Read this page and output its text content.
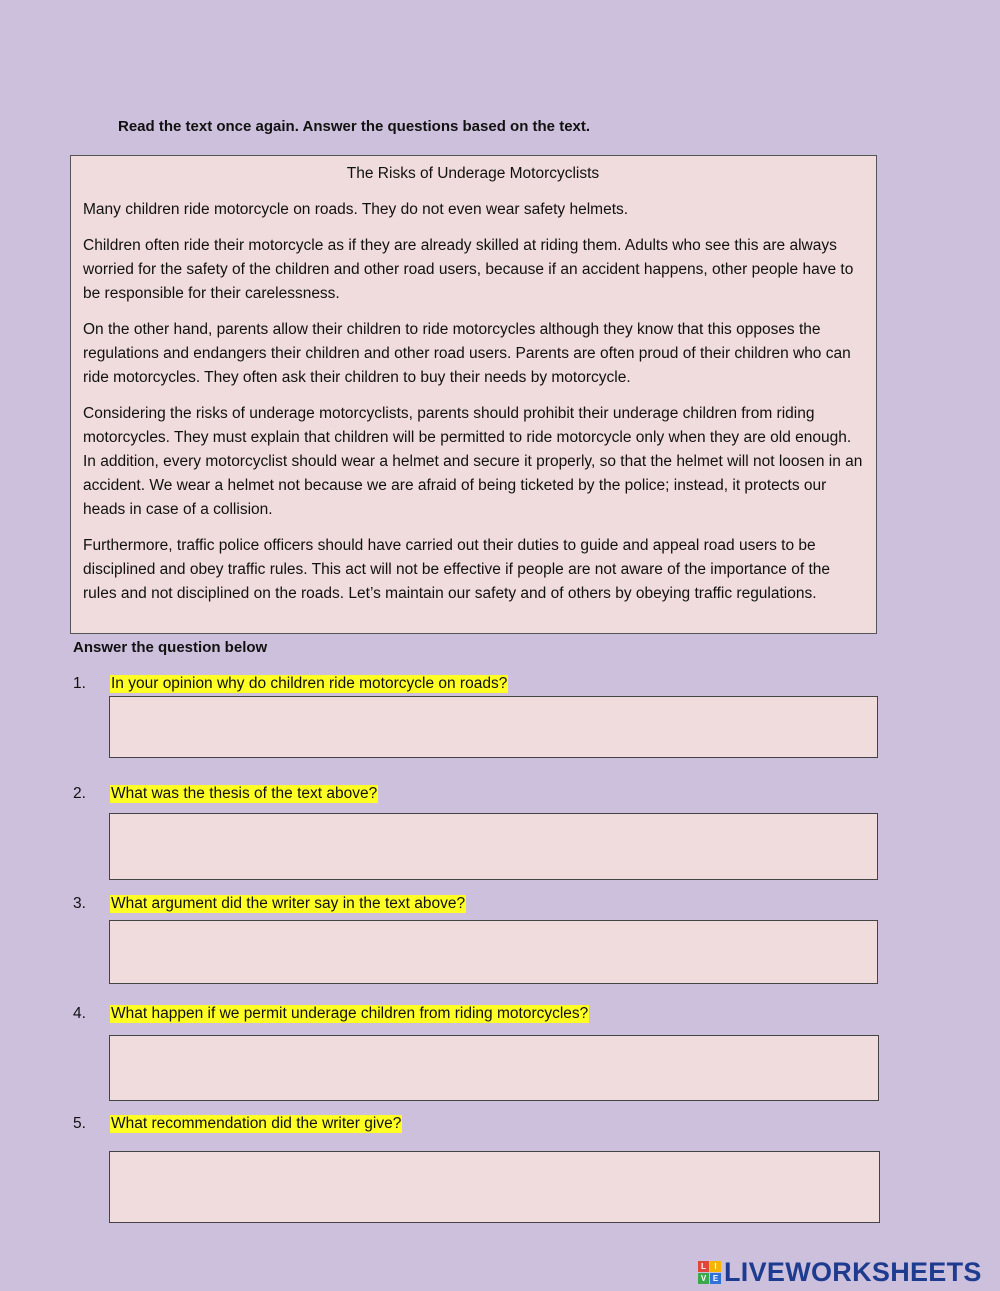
Read the text once again. Answer the questions based on the text.
The Risks of Underage Motorcyclists

Many children ride motorcycle on roads. They do not even wear safety helmets.

Children often ride their motorcycle as if they are already skilled at riding them. Adults who see this are always worried for the safety of the children and other road users, because if an accident happens, other people have to be responsible for their carelessness.

On the other hand, parents allow their children to ride motorcycles although they know that this opposes the regulations and endangers their children and other road users. Parents are often proud of their children who can ride motorcycles. They often ask their children to buy their needs by motorcycle.

Considering the risks of underage motorcyclists, parents should prohibit their underage children from riding motorcycles. They must explain that children will be permitted to ride motorcycle only when they are old enough. In addition, every motorcyclist should wear a helmet and secure it properly, so that the helmet will not loosen in an accident. We wear a helmet not because we are afraid of being ticketed by the police; instead, it protects our heads in case of a collision.

Furthermore, traffic police officers should have carried out their duties to guide and appeal road users to be disciplined and obey traffic rules. This act will not be effective if people are not aware of the importance of the rules and not disciplined on the roads. Let’s maintain our safety and of others by obeying traffic regulations.

Answer the question below
1. In your opinion why do children ride motorcycle on roads?
2. What was the thesis of the text above?
3. What argument did the writer say in the text above?
4. What happen if we permit underage children from riding motorcycles?
5. What recommendation did the writer give?
L	I
V E LIVEWORKSHEETS
